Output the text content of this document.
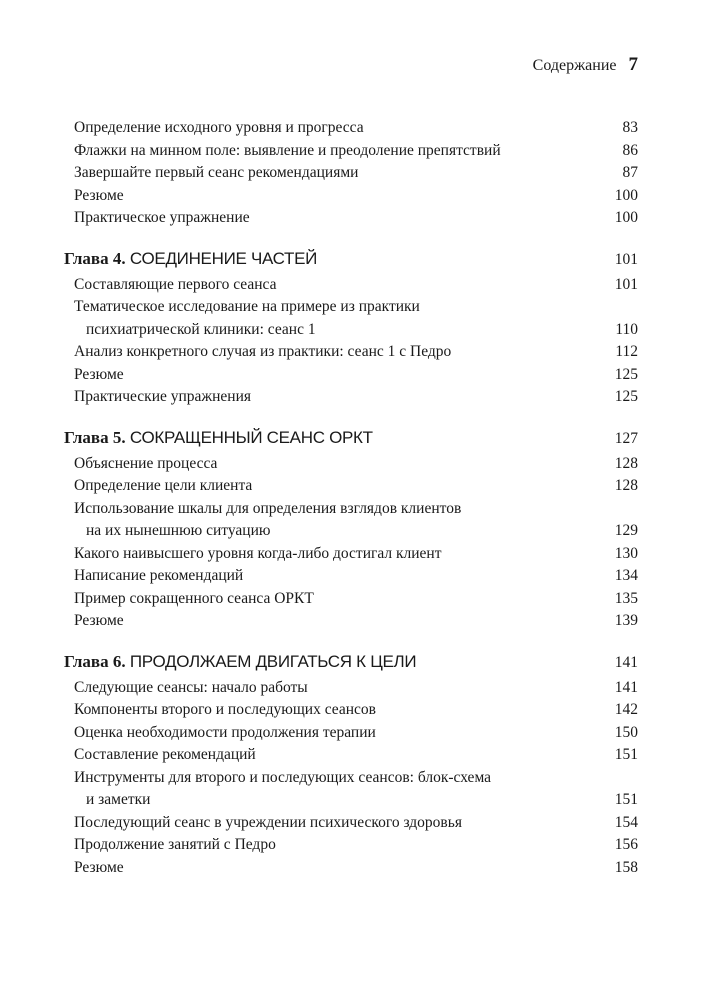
Содержание 7
Определение исходного уровня и прогресса	83
Флажки на минном поле: выявление и преодоление препятствий	86
Завершайте первый сеанс рекомендациями	87
Резюме	100
Практическое упражнение	100
Глава 4. СОЕДИНЕНИЕ ЧАСТЕЙ	101
Составляющие первого сеанса	101
Тематическое исследование на примере из практики
психиатрической клиники: сеанс 1	110
Анализ конкретного случая из практики: сеанс 1 с Педро	112
Резюме	125
Практические упражнения	125
Глава 5. СОКРАЩЕННЫЙ СЕАНС ОРКТ	127
Объяснение процесса	128
Определение цели клиента	128
Использование шкалы для определения взглядов клиентов
на их нынешнюю ситуацию	129
Какого наивысшего уровня когда-либо достигал клиент	130
Написание рекомендаций	134
Пример сокращенного сеанса ОРКТ	135
Резюме	139
Глава 6. ПРОДОЛЖАЕМ ДВИГАТЬСЯ К ЦЕЛИ	141
Следующие сеансы: начало работы	141
Компоненты второго и последующих сеансов	142
Оценка необходимости продолжения терапии	150
Составление рекомендаций	151
Инструменты для второго и последующих сеансов: блок-схема
и заметки	151
Последующий сеанс в учреждении психического здоровья	154
Продолжение занятий с Педро	156
Резюме	158
